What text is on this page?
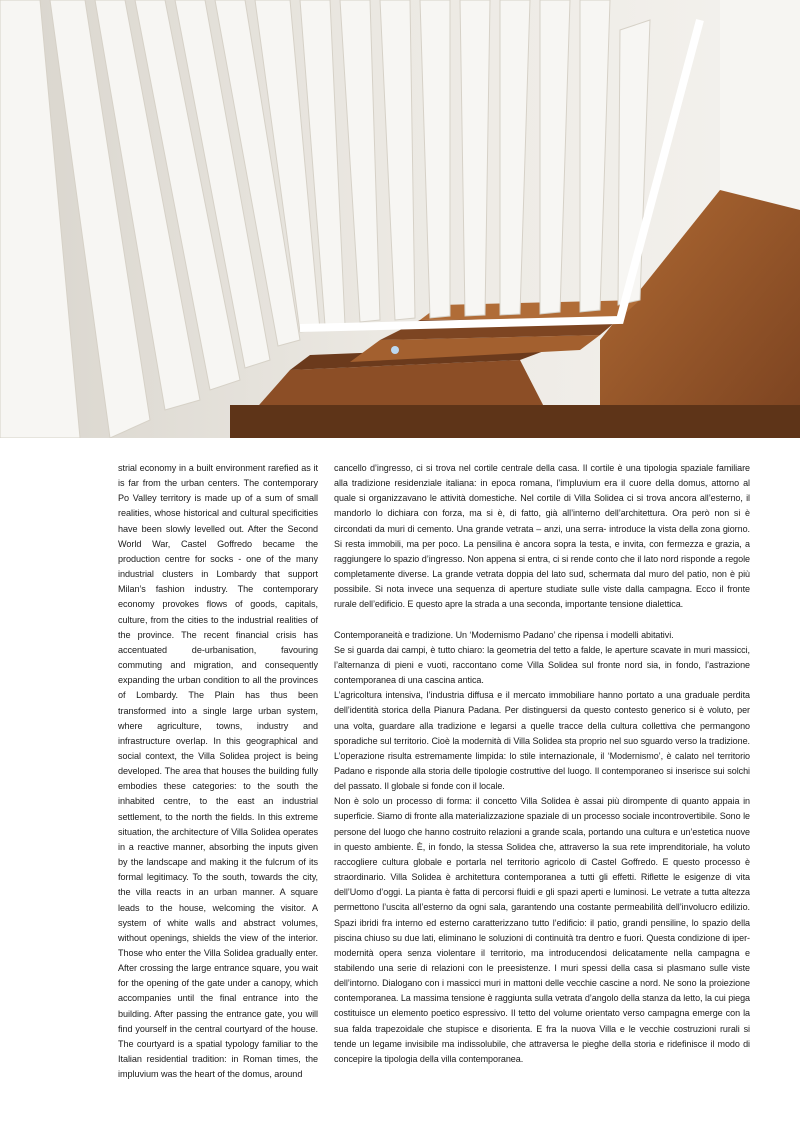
strial economy in a built environment rarefied as it is far from the urban centers. The contemporary Po Valley territory is made up of a sum of small realities, whose historical and cultural specificities have been slowly levelled out. After the Second World War, Castel Goffredo became the production centre for socks - one of the many industrial clusters in Lombardy that support Milan’s fashion industry. The contemporary economy provokes flows of goods, capitals, culture, from the cities to the industrial realities of the province. The recent financial crisis has accentuated de-urbanisation, favouring commuting and migration, and consequently expanding the urban condition to all the provinces of Lombardy. The Plain has thus been transformed into a single large urban system, where agriculture, towns, industry and infrastructure overlap. In this geographical and social context, the Villa Solidea project is being developed. The area that houses the building fully embodies these categories: to the south the inhabited centre, to the east an industrial settlement, to the north the fields. In this extreme situation, the architecture of Villa Solidea operates in a reactive manner, absorbing the inputs given by the landscape and making it the fulcrum of its formal legitimacy. To the south, towards the city, the villa reacts in an urban manner. A square leads to the house, welcoming the visitor. A system of white walls and abstract volumes, without openings, shields the view of the interior. Those who enter the Villa Solidea gradually enter. After crossing the large entrance square, you wait for the opening of the gate under a canopy, which accompanies until the final entrance into the building. After passing the entrance gate, you will find yourself in the central courtyard of the house. The courtyard is a spatial typology familiar to the Italian residential tradition: in Roman times, the impluvium was the heart of the domus, around

cancello d’ingresso, ci si trova nel cortile centrale della casa. Il cortile è una tipologia spaziale familiare alla tradizione residenziale italiana: in epoca romana, l’impluvium era il cuore della domus, attorno al quale si organizzavano le attività domestiche. Nel cortile di Villa Solidea ci si trova ancora all’esterno, il mandorlo lo dichiara con forza, ma si è, di fatto, già all’interno dell’architettura. Ora però non si è circondati da muri di cemento. Una grande vetrata – anzi, una serra- introduce la vista della zona giorno. Si resta immobili, ma per poco. La pensilina è ancora sopra la testa, e invita, con fermezza e grazia, a raggiungere lo spazio d’ingresso. Non appena si entra, ci si rende conto che il lato nord risponde a regole completamente diverse. La grande vetrata doppia del lato sud, schermata dal muro del patio, non è più possibile. Si nota invece una sequenza di aperture studiate sulle viste dalla campagna. Ecco il fronte rurale dell’edificio. E questo apre la strada a una seconda, importante tensione dialettica.

Contemporaneità e tradizione. Un ‘Modernismo Padano’ che ripensa i modelli abitativi.

Se si guarda dai campi, è tutto chiaro: la geometria del tetto a falde, le aperture scavate in muri massicci, l’alternanza di pieni e vuoti, raccontano come Villa Solidea sul fronte nord sia, in fondo, l’astrazione contemporanea di una cascina antica.

L’agricoltura intensiva, l’industria diffusa e il mercato immobiliare hanno portato a una graduale perdita dell’identità storica della Pianura Padana. Per distinguersi da questo contesto generico si è voluto, per una volta, guardare alla tradizione e legarsi a quelle tracce della cultura collettiva che permangono sporadiche sul territorio. Cioè la modernità di Villa Solidea sta proprio nel suo sguardo verso la tradizione. L’operazione risulta estremamente limpida: lo stile internazionale, il ‘Modernismo’, è calato nel territorio Padano e risponde alla storia delle tipologie costruttive del luogo. Il contemporaneo si inserisce sui solchi del passato. Il globale si fonde con il locale.

Non è solo un processo di forma: il concetto Villa Solidea è assai più dirompente di quanto appaia in superficie. Siamo di fronte alla materializzazione spaziale di un processo sociale incontrovertibile. Sono le persone del luogo che hanno costruito relazioni a grande scala, portando una cultura e un’estetica nuove in questo ambiente. È, in fondo, la stessa Solidea che, attraverso la sua rete imprenditoriale, ha voluto raccogliere cultura globale e portarla nel territorio agricolo di Castel Goffredo. E questo processo è straordinario. Villa Solidea è architettura contemporanea a tutti gli effetti. Riflette le esigenze di vita dell’Uomo d’oggi. La pianta è fatta di percorsi fluidi e gli spazi aperti e luminosi. Le vetrate a tutta altezza permettono l’uscita all’esterno da ogni sala, garantendo una costante permeabilità dell’involucro edilizio. Spazi ibridi fra interno ed esterno caratterizzano tutto l’edificio: il patio, grandi pensiline, lo spazio della piscina chiuso su due lati, eliminano le soluzioni di continuità tra dentro e fuori. Questa condizione di iper-modernità opera senza violentare il territorio, ma introducendosi delicatamente nella campagna e stabilendo una serie di relazioni con le preesistenze. I muri spessi della casa si plasmano sulle viste dell’intorno. Dialogano con i massicci muri in mattoni delle vecchie cascine a nord. Ne sono la proiezione contemporanea. La massima tensione è raggiunta sulla vetrata d’angolo della stanza da letto, la cui piega costituisce un elemento poetico espressivo. Il tetto del volume orientato verso campagna emerge con la sua falda trapezoidale che stupisce e disorienta. E fra la nuova Villa e le vecchie costruzioni rurali si tende un legame invisibile ma indissolubile, che attraversa le pieghe della storia e ridefinisce il modo di concepire la tipologia della villa contemporanea.
